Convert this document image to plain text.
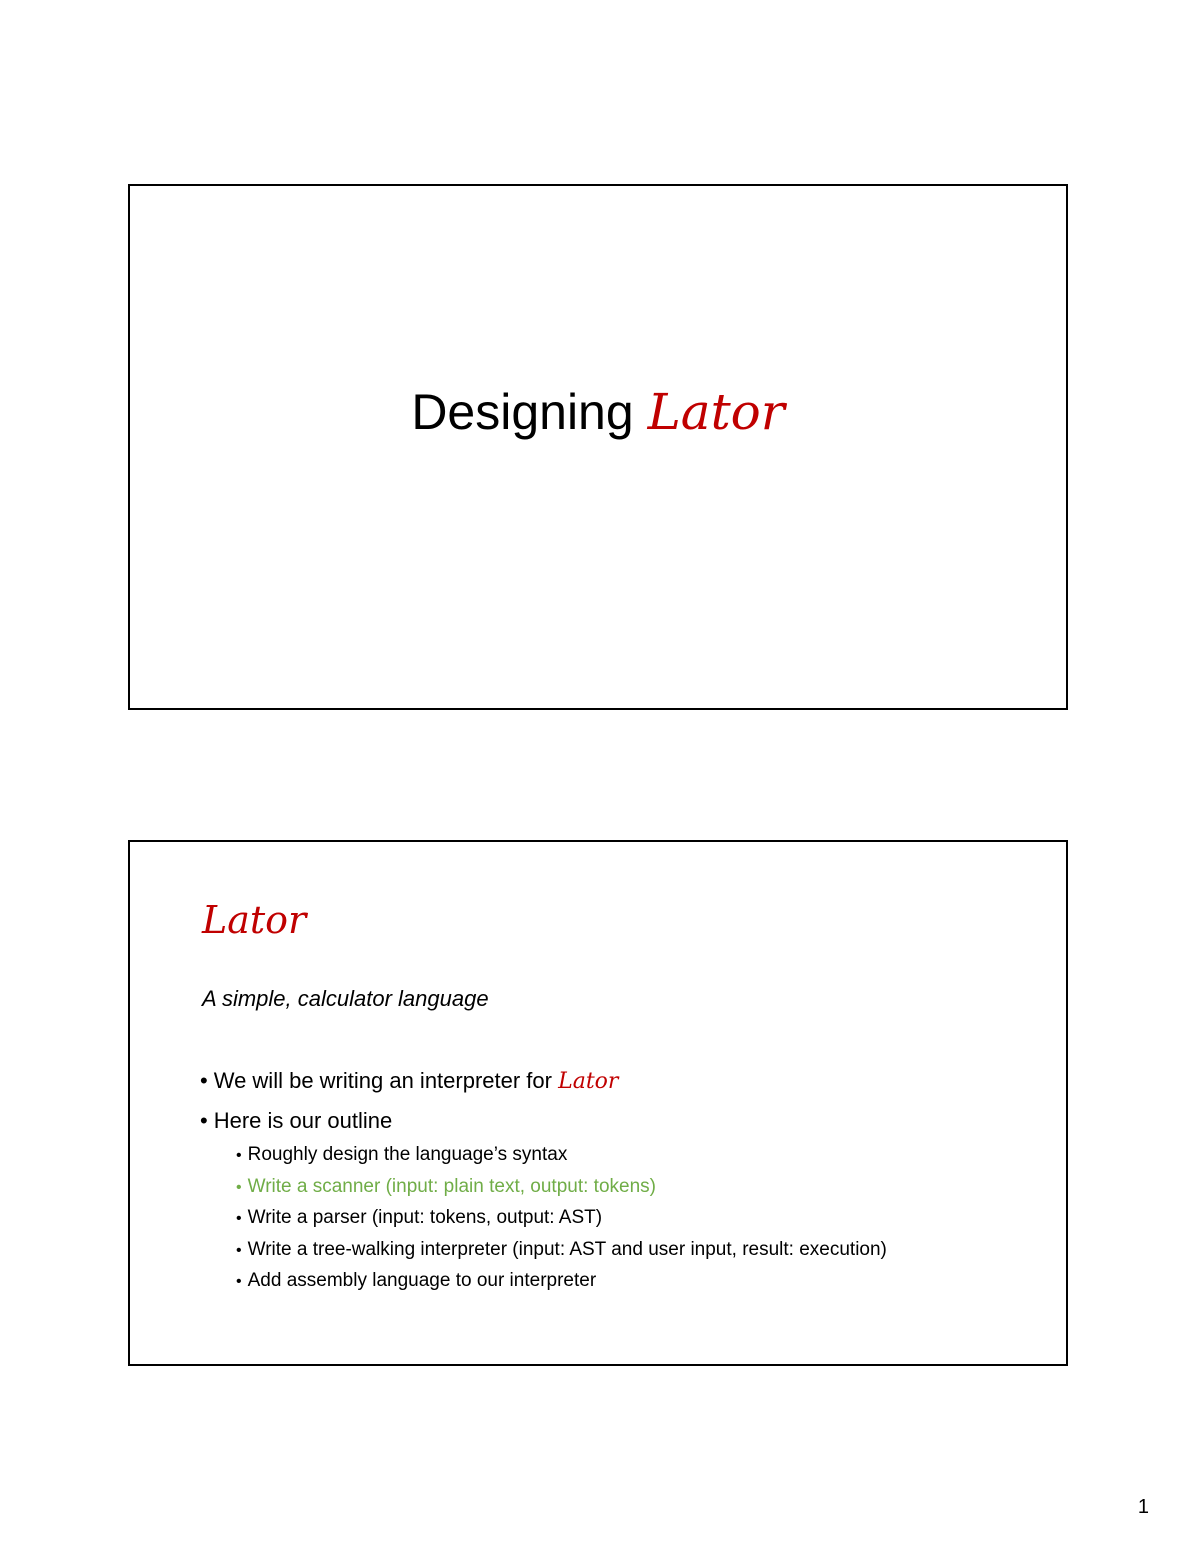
Designing Lator
Lator
A simple, calculator language
• We will be writing an interpreter for Lator
• Here is our outline
• Roughly design the language’s syntax
• Write a scanner (input: plain text, output: tokens)
• Write a parser (input: tokens, output: AST)
• Write a tree-walking interpreter (input: AST and user input, result: execution)
• Add assembly language to our interpreter
1
